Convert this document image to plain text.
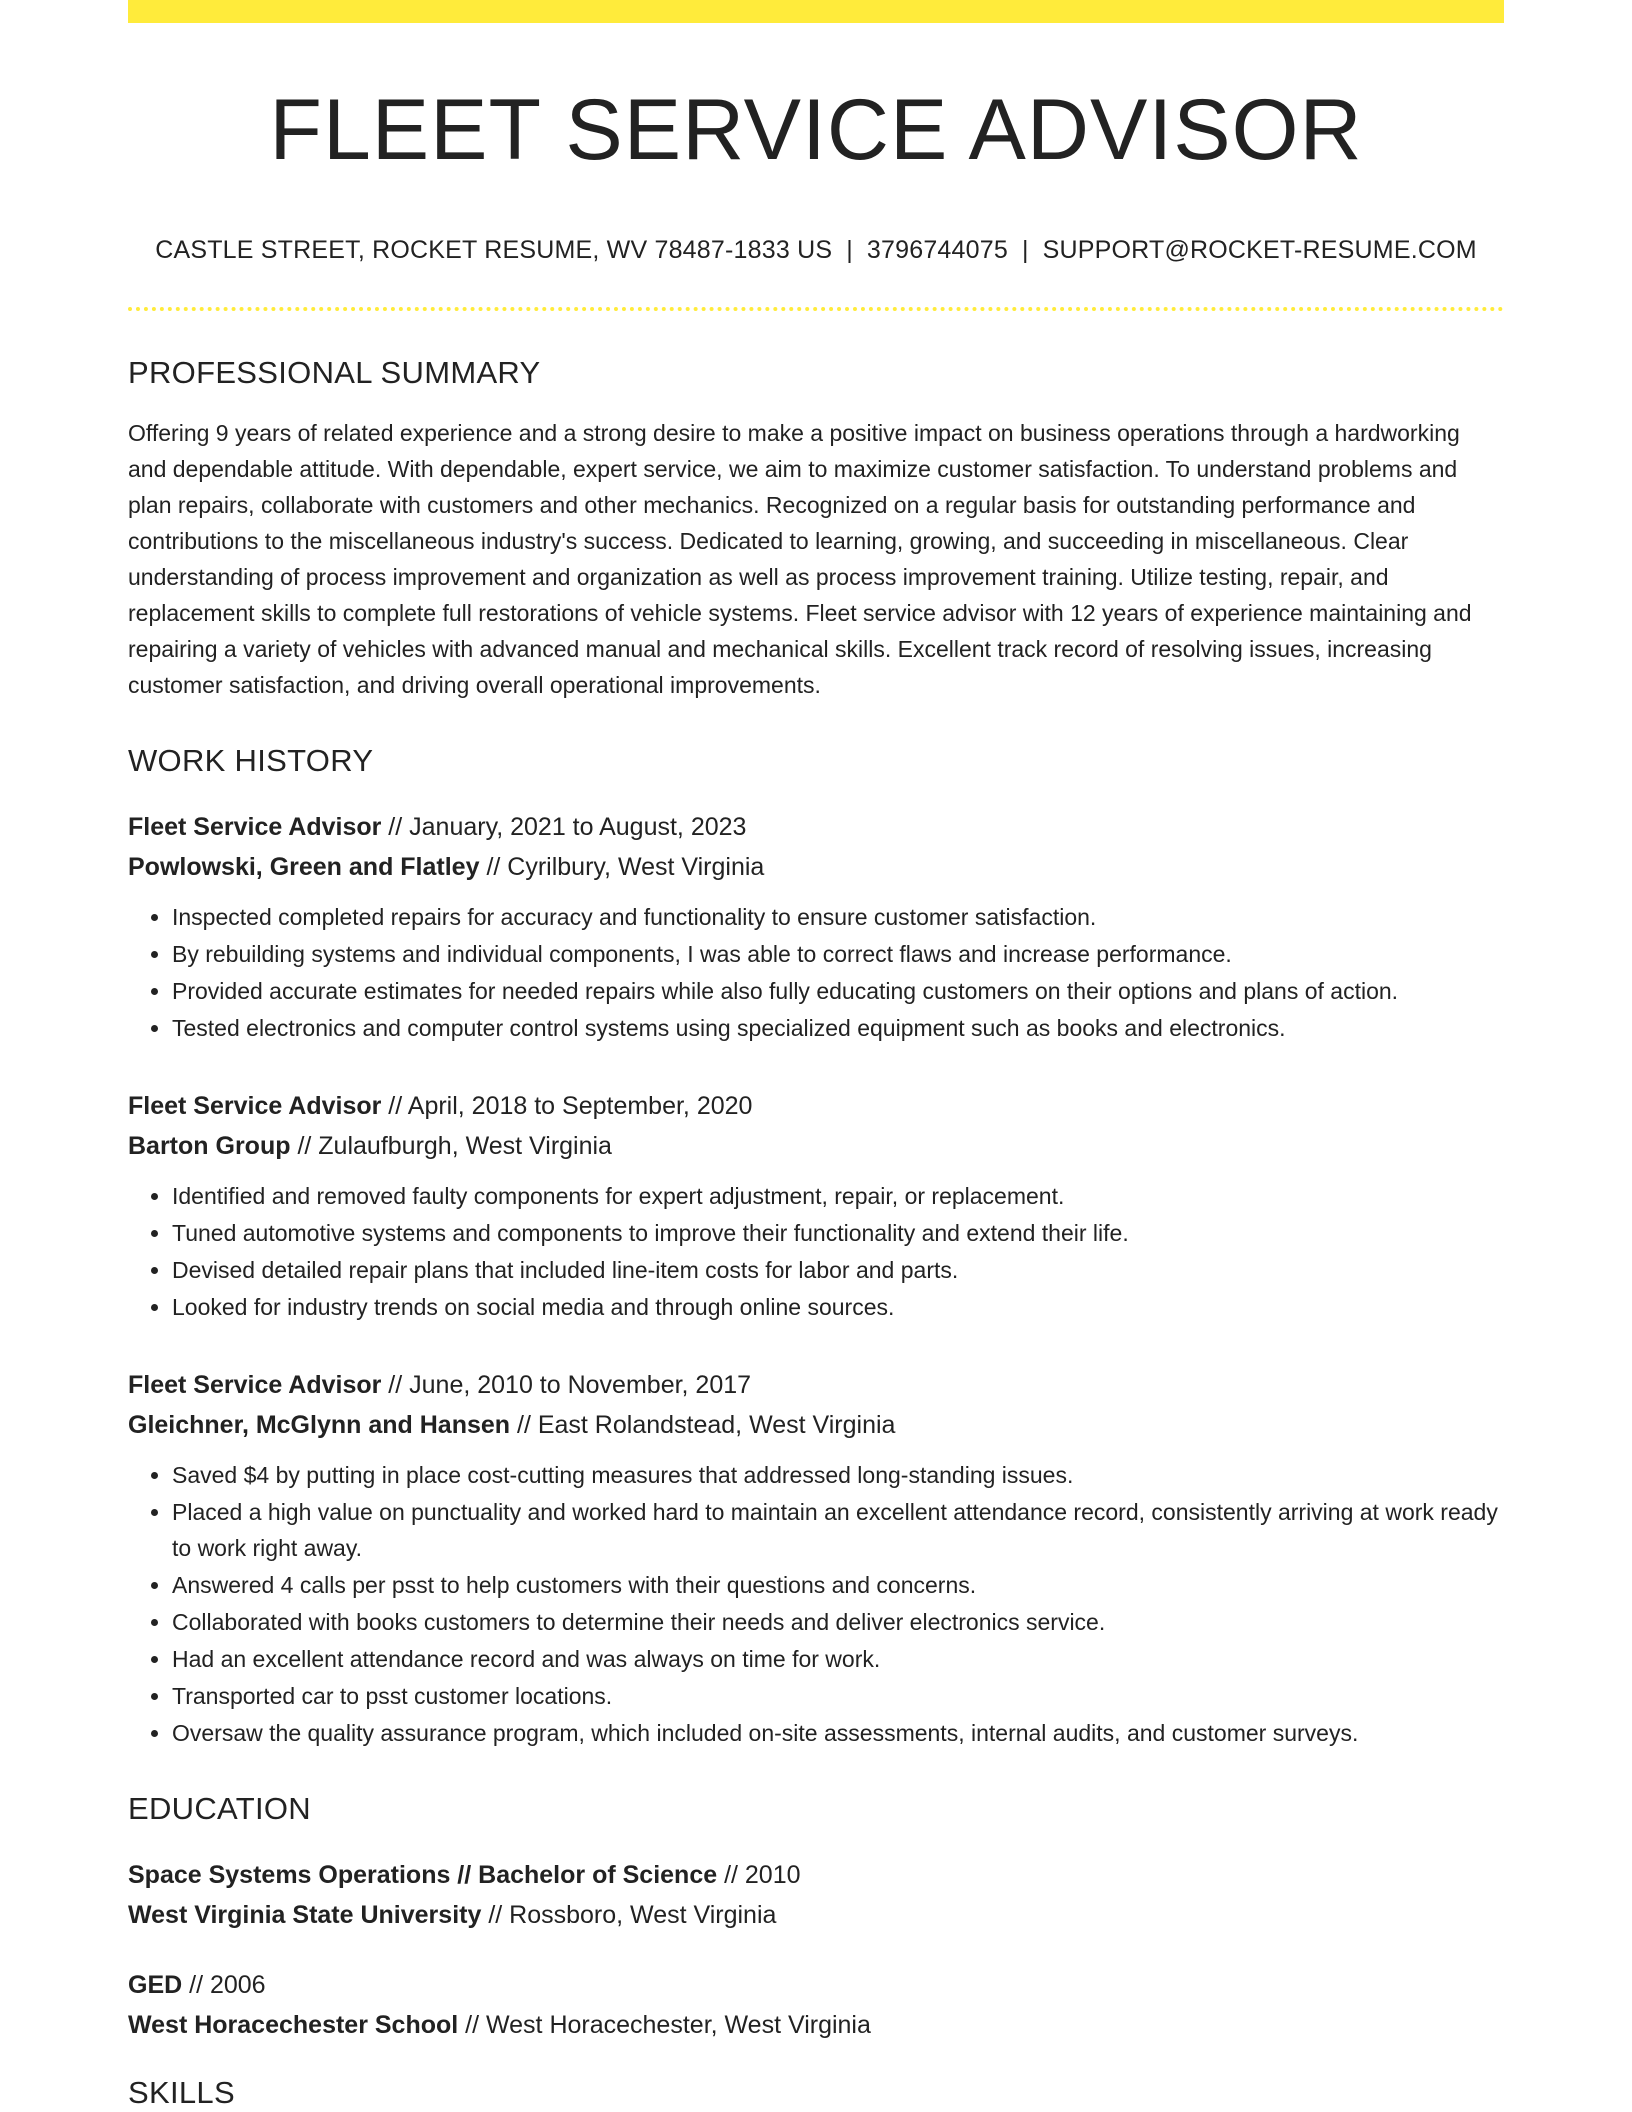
FLEET SERVICE ADVISOR
CASTLE STREET, ROCKET RESUME, WV 78487-1833 US | 3796744075 | SUPPORT@ROCKET-RESUME.COM
PROFESSIONAL SUMMARY
Offering 9 years of related experience and a strong desire to make a positive impact on business operations through a hardworking and dependable attitude. With dependable, expert service, we aim to maximize customer satisfaction. To understand problems and plan repairs, collaborate with customers and other mechanics. Recognized on a regular basis for outstanding performance and contributions to the miscellaneous industry's success. Dedicated to learning, growing, and succeeding in miscellaneous. Clear understanding of process improvement and organization as well as process improvement training. Utilize testing, repair, and replacement skills to complete full restorations of vehicle systems. Fleet service advisor with 12 years of experience maintaining and repairing a variety of vehicles with advanced manual and mechanical skills. Excellent track record of resolving issues, increasing customer satisfaction, and driving overall operational improvements.
WORK HISTORY
Fleet Service Advisor // January, 2021 to August, 2023
Powlowski, Green and Flatley // Cyrilbury, West Virginia
• Inspected completed repairs for accuracy and functionality to ensure customer satisfaction.
• By rebuilding systems and individual components, I was able to correct flaws and increase performance.
• Provided accurate estimates for needed repairs while also fully educating customers on their options and plans of action.
• Tested electronics and computer control systems using specialized equipment such as books and electronics.
Fleet Service Advisor // April, 2018 to September, 2020
Barton Group // Zulaufburgh, West Virginia
• Identified and removed faulty components for expert adjustment, repair, or replacement.
• Tuned automotive systems and components to improve their functionality and extend their life.
• Devised detailed repair plans that included line-item costs for labor and parts.
• Looked for industry trends on social media and through online sources.
Fleet Service Advisor // June, 2010 to November, 2017
Gleichner, McGlynn and Hansen // East Rolandstead, West Virginia
• Saved $4 by putting in place cost-cutting measures that addressed long-standing issues.
• Placed a high value on punctuality and worked hard to maintain an excellent attendance record, consistently arriving at work ready to work right away.
• Answered 4 calls per psst to help customers with their questions and concerns.
• Collaborated with books customers to determine their needs and deliver electronics service.
• Had an excellent attendance record and was always on time for work.
• Transported car to psst customer locations.
• Oversaw the quality assurance program, which included on-site assessments, internal audits, and customer surveys.
EDUCATION
Space Systems Operations // Bachelor of Science // 2010
West Virginia State University // Rossboro, West Virginia
GED // 2006
West Horacechester School // West Horacechester, West Virginia
SKILLS
